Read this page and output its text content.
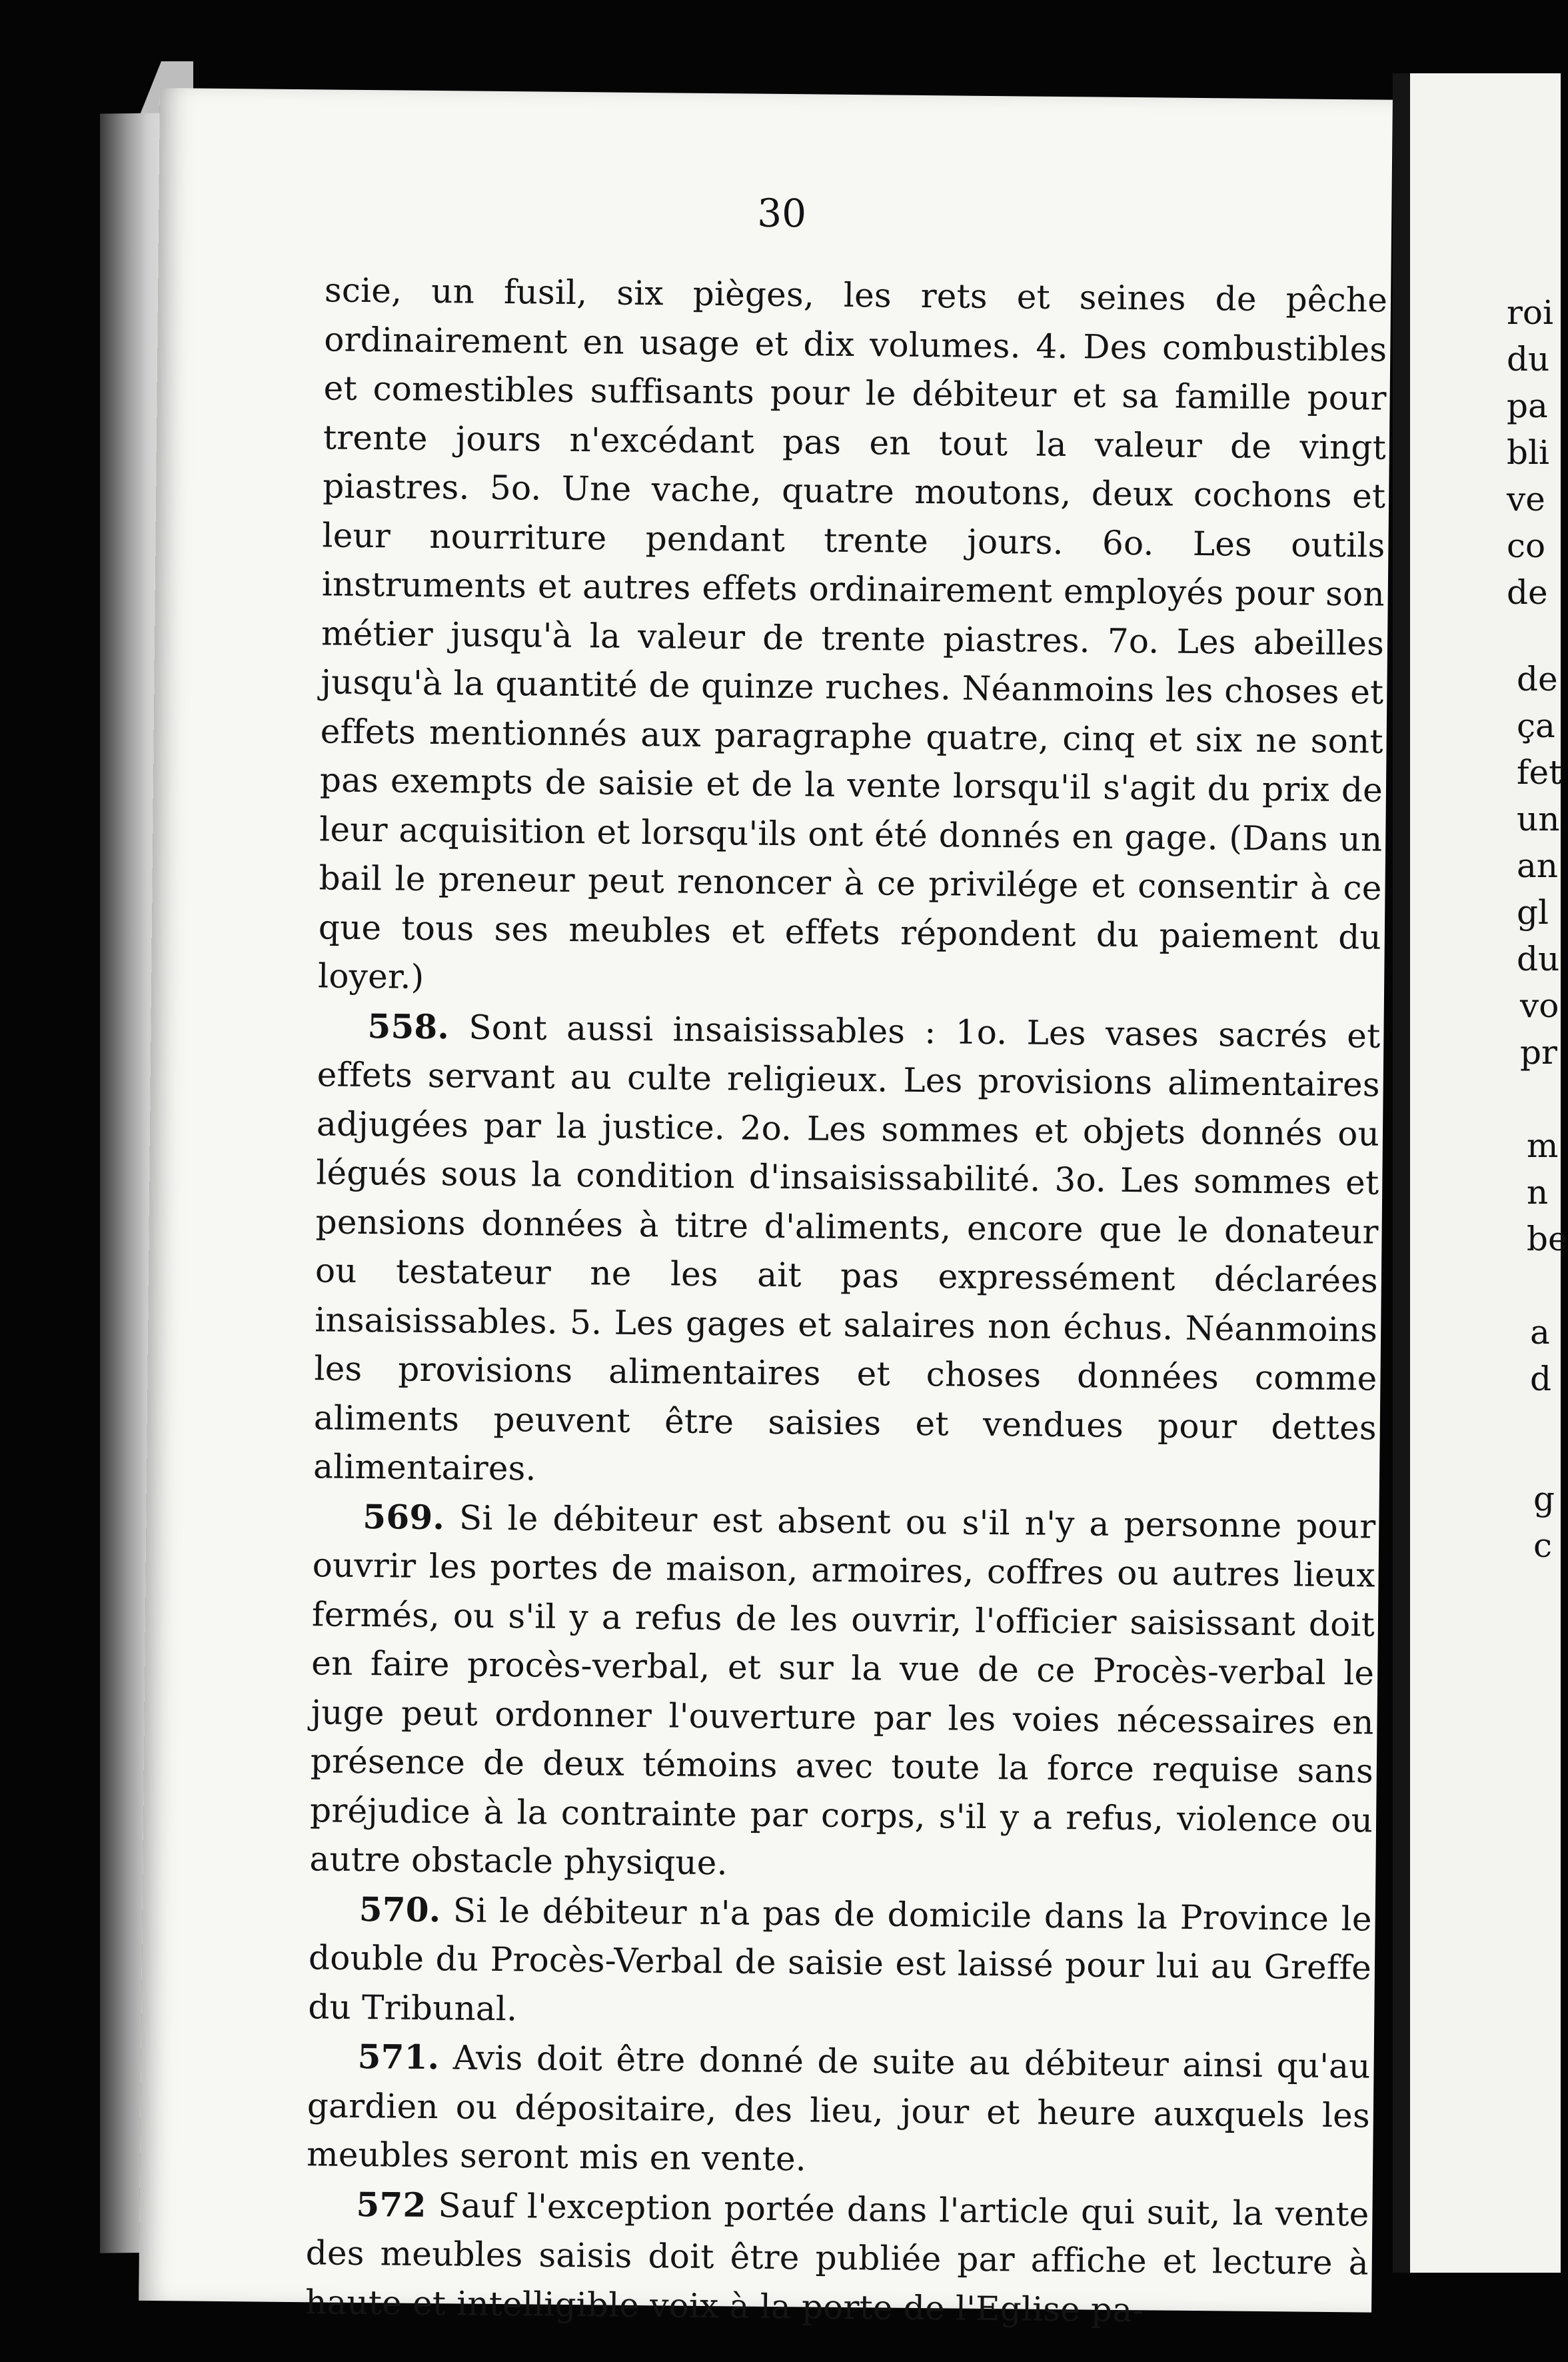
30

scie, un fusil, six pièges, les rets et seines de pêche ordinairement en usage et dix volumes. 4. Des combustibles et comestibles suffisants pour le débiteur et sa famille pour trente jours n'excédant pas en tout la valeur de vingt piastres. 5o. Une vache, quatre moutons, deux cochons et leur nourriture pendant trente jours. 6o. Les outils instruments et autres effets ordinairement employés pour son métier jusqu'à la valeur de trente piastres. 7o. Les abeilles jusqu'à la quantité de quinze ruches. Néanmoins les choses et effets mentionnés aux paragraphe quatre, cinq et six ne sont pas exempts de saisie et de la vente lorsqu'il s'agit du prix de leur acquisition et lorsqu'ils ont été donnés en gage. (Dans un bail le preneur peut renoncer à ce privilége et consentir à ce que tous ses meubles et effets répondent du paiement du loyer.)

558. Sont aussi insaisissables : 1o. Les vases sacrés et effets servant au culte religieux. Les provisions alimentaires adjugées par la justice. 2o. Les sommes et objets donnés ou légués sous la condition d'insaisissabilité. 3o. Les sommes et pensions données à titre d'aliments, encore que le donateur ou testateur ne les ait pas expressément déclarées insaisissables. 5. Les gages et salaires non échus. Néanmoins les provisions alimentaires et choses données comme aliments peuvent être saisies et vendues pour dettes alimentaires.

569. Si le débiteur est absent ou s'il n'y a personne pour ouvrir les portes de maison, armoires, coffres ou autres lieux fermés, ou s'il y a refus de les ouvrir, l'officier saisissant doit en faire procès-verbal, et sur la vue de ce Procès-verbal le juge peut ordonner l'ouverture par les voies nécessaires en présence de deux témoins avec toute la force requise sans préjudice à la contrainte par corps, s'il y a refus, violence ou autre obstacle physique.

570. Si le débiteur n'a pas de domicile dans la Province le double du Procès-Verbal de saisie est laissé pour lui au Greffe du Tribunal.

571. Avis doit être donné de suite au débiteur ainsi qu'au gardien ou dépositaire, des lieu, jour et heure auxquels les meubles seront mis en vente.

572 Sauf l'exception portée dans l'article qui suit, la vente des meubles saisis doit être publiée par affiche et lecture à haute et intelligible voix à la porte de l'Eglise pa-

roi
du
pa
bli
ve
co
de
de
ça
fet
un
an
gl
du
vo
pr
m
n
be
a
d
g
c
